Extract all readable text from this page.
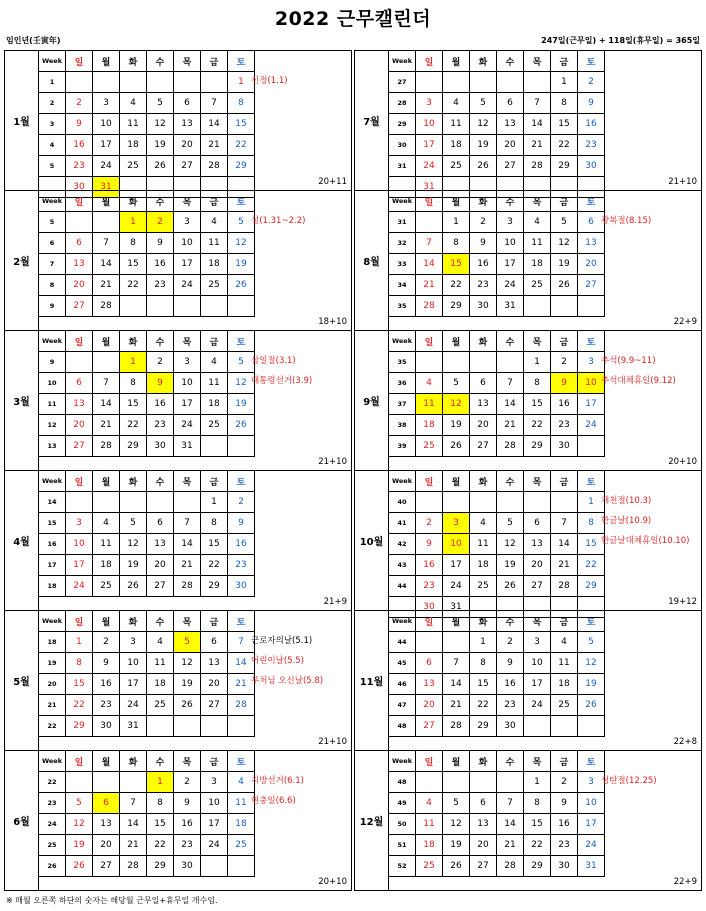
2022 근무캘린더
임인년(壬寅年)	247일(근무일) + 118일(휴무일) = 365일
1월
Week	일	월	화	수	목	금	토
1							1
2	2	3	4	5	6	7	8
3	9	10	11	12	13	14	15
4	16	17	18	19	20	21	22
5	23	24	25	26	27	28	29
	30	31					
신정(1.1)
20+11
2월
Week	일	월	화	수	목	금	토
5			1	2	3	4	5
6	6	7	8	9	10	11	12
7	13	14	15	16	17	18	19
8	20	21	22	23	24	25	26
9	27	28					
설(1.31~2.2)
18+10
3월
Week	일	월	화	수	목	금	토
9			1	2	3	4	5
10	6	7	8	9	10	11	12
11	13	14	15	16	17	18	19
12	20	21	22	23	24	25	26
13	27	28	29	30	31		
삼일절(3.1)
대통령선거(3.9)
21+10
4월
Week	일	월	화	수	목	금	토
14						1	2
15	3	4	5	6	7	8	9
16	10	11	12	13	14	15	16
17	17	18	19	20	21	22	23
18	24	25	26	27	28	29	30
21+9
5월
Week	일	월	화	수	목	금	토
18	1	2	3	4	5	6	7
19	8	9	10	11	12	13	14
20	15	16	17	18	19	20	21
21	22	23	24	25	26	27	28
22	29	30	31				
근로자의날(5.1)
어린이날(5.5)
부처님 오신날(5.8)
21+10
6월
Week	일	월	화	수	목	금	토
22				1	2	3	4
23	5	6	7	8	9	10	11
24	12	13	14	15	16	17	18
25	19	20	21	22	23	24	25
26	26	27	28	29	30		
지방선거(6.1)
현충일(6.6)
20+10
7월
Week	일	월	화	수	목	금	토
27						1	2
28	3	4	5	6	7	8	9
29	10	11	12	13	14	15	16
30	17	18	19	20	21	22	23
31	24	25	26	27	28	29	30
	31							21+10
8월
Week	일	월	화	수	목	금	토
31		1	2	3	4	5	6
32	7	8	9	10	11	12	13
33	14	15	16	17	18	19	20
34	21	22	23	24	25	26	27
35	28	29	30	31			
광복절(8.15)
22+9
9월
Week	일	월	화	수	목	금	토
35					1	2	3
36	4	5	6	7	8	9	10
37	11	12	13	14	15	16	17
38	18	19	20	21	22	23	24
39	25	26	27	28	29	30	
추석(9.9~11)
추석대체휴일(9.12)
20+10
10월
Week	일	월	화	수	목	금	토
40							1
41	2	3	4	5	6	7	8
42	9	10	11	12	13	14	15
43	16	17	18	19	20	21	22
44	23	24	25	26	27	28	29
	30	31					
개천절(10.3)
한글날(10.9)
한글날대체휴일(10.10)
19+12
11월
Week	일	월	화	수	목	금	토
44			1	2	3	4	5
45	6	7	8	9	10	11	12
46	13	14	15	16	17	18	19
47	20	21	22	23	24	25	26
48	27	28	29	30			
22+8
12월
Week	일	월	화	수	목	금	토
48					1	2	3
49	4	5	6	7	8	9	10
50	11	12	13	14	15	16	17
51	18	19	20	21	22	23	24
52	25	26	27	28	29	30	31
성탄절(12.25)
22+9
※ 매월 오른쪽 하단의 숫자는 해당월 근무일+휴무일 개수임.
